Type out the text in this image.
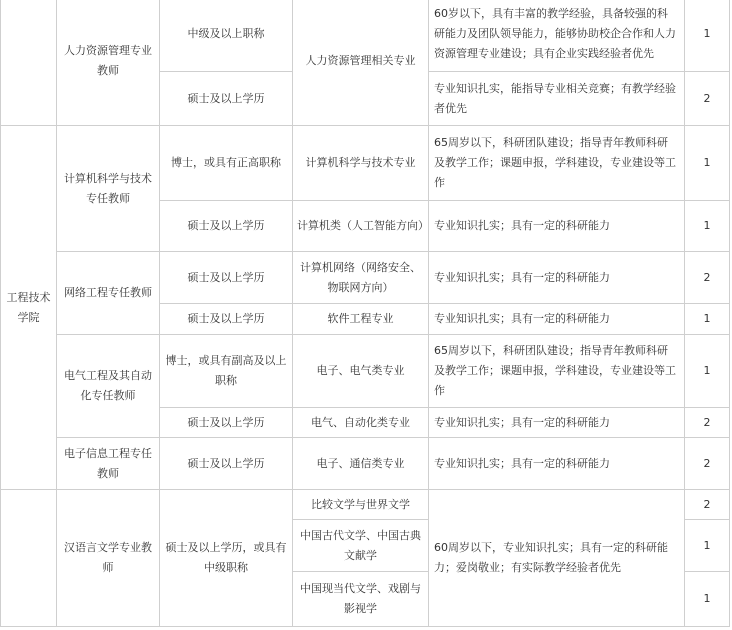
	人力资源管理专业教师	中级及以上职称	人力资源管理相关专业	60岁以下，具有丰富的教学经验，具备较强的科研能力及团队领导能力，能够协助校企合作和人力资源管理专业建设；具有企业实践经验者优先	1
		硕士及以上学历		专业知识扎实，能指导专业相关竞赛；有教学经验者优先	2
工程技术学院	计算机科学与技术专任教师	博士，或具有正高职称	计算机科学与技术专业	65周岁以下，科研团队建设；指导青年教师科研及教学工作；课题申报，学科建设，专业建设等工作	1
		硕士及以上学历	计算机类（人工智能方向）	专业知识扎实；具有一定的科研能力	1
	网络工程专任教师	硕士及以上学历	计算机网络（网络安全、物联网方向）	专业知识扎实；具有一定的科研能力	2
		硕士及以上学历	软件工程专业	专业知识扎实；具有一定的科研能力	1
	电气工程及其自动化专任教师	博士，或具有副高及以上职称	电子、电气类专业	65周岁以下，科研团队建设；指导青年教师科研及教学工作；课题申报，学科建设，专业建设等工作	1
		硕士及以上学历	电气、自动化类专业	专业知识扎实；具有一定的科研能力	2
	电子信息工程专任教师	硕士及以上学历	电子、通信类专业	专业知识扎实；具有一定的科研能力	2
	汉语言文学专业教师	硕士及以上学历，或具有中级职称	比较文学与世界文学	60周岁以下，专业知识扎实；具有一定的科研能力；爱岗敬业；有实际教学经验者优先	2
			中国古代文学、中国古典文献学		1
			中国现当代文学、戏剧与影视学		1
